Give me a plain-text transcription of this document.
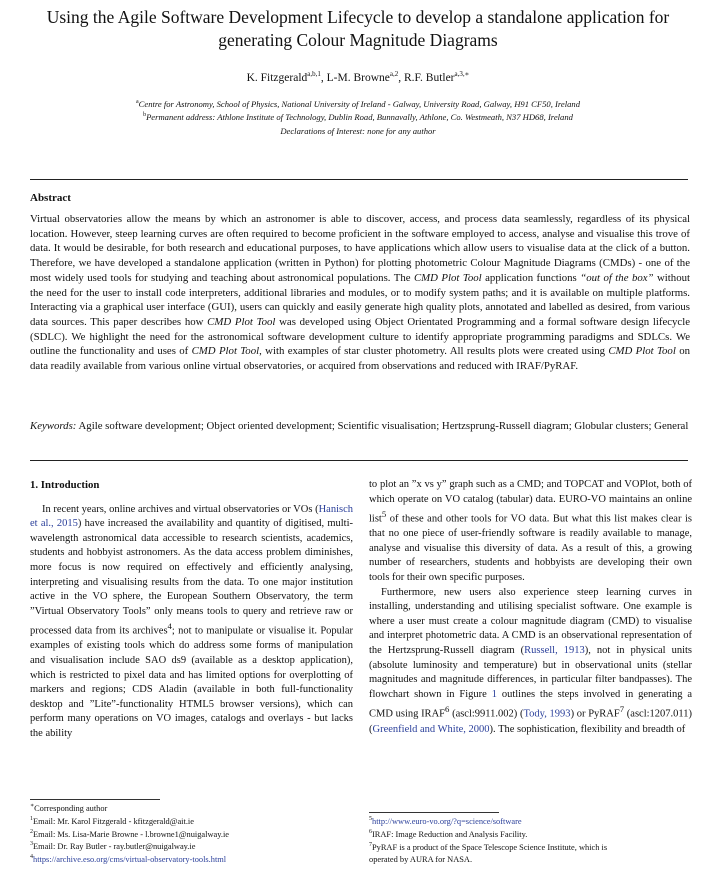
Using the Agile Software Development Lifecycle to develop a standalone application for generating Colour Magnitude Diagrams
K. Fitzgerald$^{a,b,1}$, L-M. Browne$^{a,2}$, R.F. Butler$^{a,3,∗}$
$^a$Centre for Astronomy, School of Physics, National University of Ireland - Galway, University Road, Galway, H91 CF50, Ireland
$^b$Permanent address: Athlone Institute of Technology, Dublin Road, Bunnavally, Athlone, Co. Westmeath, N37 HD68, Ireland
Declarations of Interest: none for any author
Abstract
Virtual observatories allow the means by which an astronomer is able to discover, access, and process data seamlessly, regardless of its physical location. However, steep learning curves are often required to become proficient in the software employed to access, analyse and visualise this trove of data. It would be desirable, for both research and educational purposes, to have applications which allow users to visualise data at the click of a button. Therefore, we have developed a standalone application (written in Python) for plotting photometric Colour Magnitude Diagrams (CMDs) - one of the most widely used tools for studying and teaching about astronomical populations. The CMD Plot Tool application functions “out of the box” without the need for the user to install code interpreters, additional libraries and modules, or to modify system paths; and it is available on multiple platforms. Interacting via a graphical user interface (GUI), users can quickly and easily generate high quality plots, annotated and labelled as desired, from various data sources. This paper describes how CMD Plot Tool was developed using Object Orientated Programming and a formal software design lifecycle (SDLC). We highlight the need for the astronomical software development culture to identify appropriate programming paradigms and SDLCs. We outline the functionality and uses of CMD Plot Tool, with examples of star cluster photometry. All results plots were created using CMD Plot Tool on data readily available from various online virtual observatories, or acquired from observations and reduced with IRAF/PyRAF.
Keywords: Agile software development; Object oriented development; Scientific visualisation; Hertzsprung-Russell diagram; Globular clusters; General

1. Introduction

In recent years, online archives and virtual observatories or VOs (Hanisch et al., 2015) have increased the availability and quantity of digitised, multi-wavelength astronomical data accessible to research scientists, academics, students and hobbyist astronomers. As the data access problem diminishes, more focus is now required on effectively and efficiently analysing, interpreting and visualising results from the data. To one major institution active in the VO sphere, the European Southern Observatory, the term ”Virtual Observatory Tools” only means tools to query and retrieve raw or processed data from its archives$^4$; not to manipulate or visualise it. Popular examples of existing tools which do address some forms of manipulation and visualisation include SAO ds9 (available as a desktop application), which is restricted to pixel data and has limited options for overplotting of markers and regions; CDS Aladin (available in both full-functionality desktop and ”Lite”-functionality HTML5 browser versions), which can perform many operations on VO images, catalogs and overlays - but lacks the ability

to plot an ”x vs y” graph such as a CMD; and TOPCAT and VOPlot, both of which operate on VO catalog (tabular) data. EURO-VO maintains an online list$^5$ of these and other tools for VO data. But what this list makes clear is that no one piece of user-friendly software is readily available to manage, analyse and visualise this diversity of data. As a result of this, a growing number of researchers, students and hobbyists are developing their own tools for their own specific purposes.

Furthermore, new users also experience steep learning curves in installing, understanding and utilising specialist software. One example is where a user must create a colour magnitude diagram (CMD) to visualise and interpret photometric data. A CMD is an observational representation of the Hertzsprung-Russell diagram (Russell, 1913), not in physical units (absolute luminosity and temperature) but in observational units (stellar magnitudes and magnitude differences, in particular filter bandpasses). The flowchart shown in Figure 1 outlines the steps involved in generating a CMD using IRAF$^6$ (ascl:9911.002) (Tody, 1993) or PyRAF$^7$ (ascl:1207.011) (Greenfield and White, 2000). The sophistication, flexibility and breadth of

∗Corresponding author
$^1$Email: Mr. Karol Fitzgerald - kfitzgerald@ait.ie
$^2$Email: Ms. Lisa-Marie Browne - l.browne1@nuigalway.ie
$^3$Email: Dr. Ray Butler - ray.butler@nuigalway.ie
$^4$https://archive.eso.org/cms/virtual-observatory-tools.html
$^5$http://www.euro-vo.org/?q=science/software
$^6$IRAF: Image Reduction and Analysis Facility.
$^7$PyRAF is a product of the Space Telescope Science Institute, which is
operated by AURA for NASA.
